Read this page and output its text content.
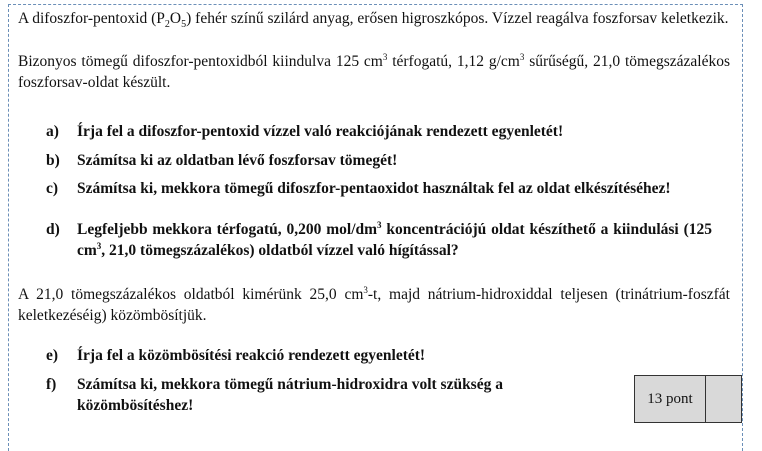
A difoszfor-pentoxid $(P_2O_5)$ fehér színű szilárd anyag, erősen higroszkópos. Vízzel reagálva foszforsav keletkezik.
Bizonyos tömegű difoszfor-pentoxidból kiindulva 125 $cm^3$ térfogatú, 1,12 $g/cm^3$ sűrűségű, 21,0 tömegszázalékos foszforsav-oldat készült.
a) Írja fel a difoszfor-pentoxid vízzel való reakciójának rendezett egyenletét!
b) Számítsa ki az oldatban lévő foszforsav tömegét!
c) Számítsa ki, mekkora tömegű difoszfor-pentaoxidot használtak fel az oldat elkészítéséhez!
d) Legfeljebb mekkora térfogatú, 0,200 mol/$dm^3$ koncentrációjú oldat készíthető a kiindulási (125 $cm^3$, 21,0 tömegszázalékos) oldatból vízzel való hígítással?
A 21,0 tömegszázalékos oldatból kimérünk 25,0 $cm^3-t$, majd nátrium-hidroxiddal teljesen (trinátrium-foszfát keletkezéséig) közömbösítjük.
e) Írja fel a közömbösítési reakció rendezett egyenletét!
f) Számítsa ki, mekkora tömegű nátrium-hidroxidra volt szükség a közömbösítéshez!	13 pont
